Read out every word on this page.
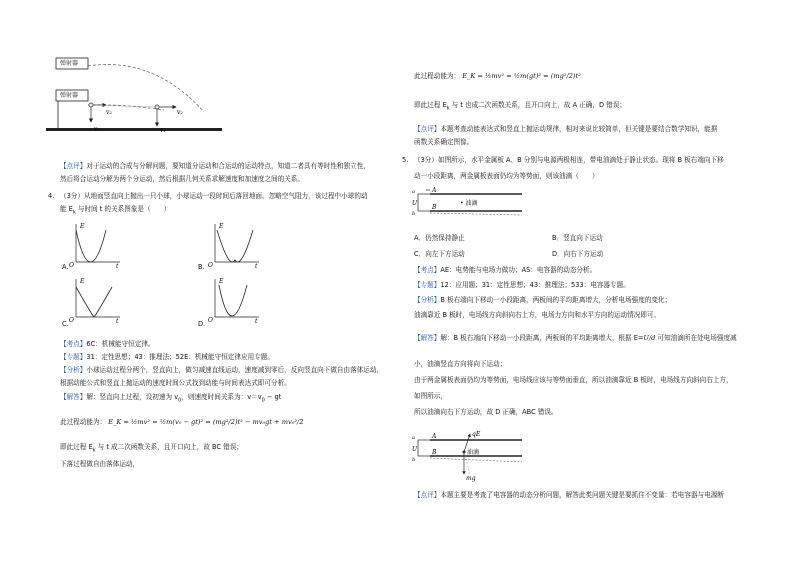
v₁
v₂
v₁
v₂
弹射器
弹射器
【点评】对于运动的合成与分解问题，要知道分运动和合运动的运动特点，知道二者具有等时性和独立性，
然后将合运动分解为两个分运动，然后根据几何关系求解速度和加速度之间的关系。
4. （3分）从地面竖直向上抛出一只小球，小球运动一段时间后落回地面。忽略空气阻力，该过程中小球的动
能 $E_k$ 与时间 t 的关系图象是（　　）
E
O	t
A.
E
O	t
B.
E
O	t
C.
E
O	t
D.
【考点】6C：机械能守恒定律。
【专题】31：定性思想；43：推理法；52E：机械能守恒定律应用专题。
【分析】小球运动过程分两个，竖直向上，做匀减速直线运动，速度减到零后，反向竖直向下做自由落体运动，
根据动能公式和竖直上抛运动的速度时间公式找到动能与时间表达式即可分析。
【解答】解：竖直向上过程，设初速为 $v_0$，则速度时间关系为：$v=v_0$ − gt
此过程动能为： E_K = ½mv² = ½m(v₀ − gt)² = (mg²/2)t² − mv₀gt + mv₀²/2
即此过程 $E_k$ 与 t 成二次函数关系，且开口向上，故 BC 错误；
下落过程做自由落体运动，
此过程动能为： E_K = ½mv² = ½m(gt)² = (mg²/2)t²
即此过程 $E_k$ 与 t 也成二次函数关系，且开口向上，故 A 正确，D 错误；
【点评】本题考查动能表达式和竖直上抛运动规律，相对来说比较简单，但关键是要结合数学知识，能据
函数关系确定图像。
5. （3分）如图所示，水平金属板 A、B 分别与电源两极相连，带电油滴处于静止状态。现将 B 板右端向下移
动一小段距离，两金属板表面仍均为等势面，则该油滴（　　）
A
B
U
a
b
• 油滴
A．仍然保持静止	B．竖直向下运动
C．向左下方运动	D．向右下方运动
【考点】AE：电势能与电场力做功；AS：电容器的动态分析。
【专题】12：应用题；31：定性思想；43：推理法；533：电容器专题。
【分析】B 板右端向下移动一小段距离，两板间的平均距离增大，分析电场强度的变化；
油滴靠近 B 板时，电场线方向斜向右上方，电场力方向和水平方向的运动情况即可。
【解答】解：B 板右端向下移动一小段距离，两板间的平均距离增大，根据 E=U/d 可知油滴所在处电场强度减
小，油滴竖直方向将向下运动；
由于两金属板表面仍均为等势面，电场线应该与等势面垂直，所以油滴靠近 B 板时，电场线方向斜向右上方，
如图所示，
所以油滴向右下方运动，故 D 正确，ABC 错误。
A
B
U
a
b
qE
油滴
mg
【点评】本题主要是考查了电容器的动态分析问题，解答此类问题关键是要抓住不变量：若电容器与电源断
